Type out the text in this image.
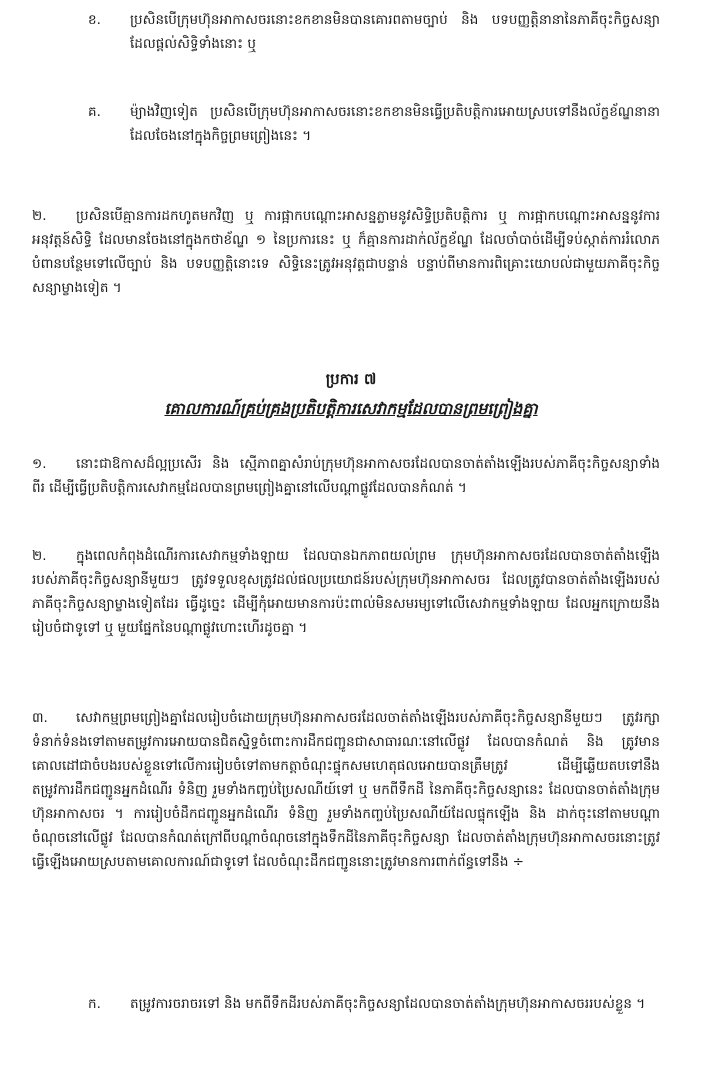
ខ. ប្រសិនបើក្រុមហ៊ុនអាកាសចរនោះខកខានមិនបានគោរពតាមច្បាប់ និង បទបញ្ញត្តិនានានៃភាគីចុះកិច្ចសន្យាដែលផ្តល់សិទ្ធិទាំងនោះ ឬ
គ. ម៉្យាងវិញទៀត ប្រសិនបើក្រុមហ៊ុនអាកាសចរនោះខកខានមិនធ្វើប្រតិបត្តិការអោយស្របទៅនឹងល័ក្ខខ័ណ្ឌនានាដែលចែងនៅក្នុងកិច្ចព្រមព្រៀងនេះ ។
២.	ប្រសិនបើគ្មានការដកហូតមកវិញ ឬ ការផ្អាកបណ្តោះអាសន្នភ្លាមនូវសិទ្ធិប្រតិបត្តិការ ឬ ការផ្អាកបណ្តោះអាសន្ននូវការអនុវត្តន៍សិទ្ធិ ដែលមានចែងនៅក្នុងកថាខ័ណ្ឌ ១ នៃប្រការនេះ ឬ ក៏គ្មានការដាក់ល័ក្ខខ័ណ្ឌ ដែលចាំបាច់ដើម្បីទប់ស្កាត់ការរំលោភបំពានបន្ថែមទៅលើច្បាប់ និង បទបញ្ញត្តិនោះទេ សិទ្ធិនេះត្រូវអនុវត្តជាបន្ទាន់ បន្ទាប់ពីមានការពិគ្រោះយោបល់ជាមួយភាគីចុះកិច្ចសន្យាម្ខាងទៀត ។
ប្រការ ៧
គោលការណ៍គ្រប់គ្រងប្រតិបត្តិការសេវាកម្មដែលបានព្រមព្រៀងគ្នា
១.	នោះជាឱកាសដ៏ល្អប្រសើរ និង ស្មើភាពគ្នាសំរាប់ក្រុមហ៊ុនអាកាសចរដែលបានចាត់តាំងឡើងរបស់ភាគីចុះកិច្ចសន្យាទាំងពីរ ដើម្បីធ្វើប្រតិបត្តិការសេវាកម្មដែលបានព្រមព្រៀងគ្នានៅលើបណ្តាផ្លូវដែលបានកំណត់ ។
២.	ក្នុងពេលកំពុងដំណើរការសេវាកម្មទាំងឡាយ ដែលបានឯកភាពយល់ព្រម ក្រុមហ៊ុនអាកាសចរដែលបានចាត់តាំងឡើងរបស់ភាគីចុះកិច្ចសន្យានីមួយៗ ត្រូវទទួលខុសត្រូវដល់ផលប្រយោជន៍របស់ក្រុមហ៊ុនអាកាសចរ ដែលត្រូវបានចាត់តាំងឡើងរបស់ភាគីចុះកិច្ចសន្យាម្ខាងទៀតដែរ ធ្វើដូច្នេះ ដើម្បីកុំអោយមានការប៉ះពាល់មិនសមរម្យទៅលើសេវាកម្មទាំងឡាយ ដែលអ្នកក្រោយនឹងរៀបចំជាទូទៅ ឬ មួយផ្នែកនៃបណ្តាផ្លូវហោះហើរដូចគ្នា ។
៣.	សេវាកម្មព្រមព្រៀងគ្នាដែលរៀបចំដោយក្រុមហ៊ុនអាកាសចរដែលចាត់តាំងឡើងរបស់ភាគីចុះកិច្ចសន្យានីមួយៗ ត្រូវរក្សាទំនាក់ទំនងទៅតាមតម្រូវការអោយបានជិតស្និទ្ធចំពោះការដឹកជញ្ជូនជាសាធារណៈនៅលើផ្លូវ ដែលបានកំណត់ និង ត្រូវមានគោលដៅជាចំបងរបស់ខ្លួនទៅលើការរៀបចំទៅតាមកត្តាចំណុះផ្ទុកសមហេតុផលអោយបានត្រឹមត្រូវ ដើម្បីឆ្លើយតបទៅនឹងតម្រូវការដឹកជញ្ជូនអ្នកដំណើរ ទំនិញ រួមទាំងកញ្ចប់ប្រៃសណីយ៍ទៅ ឬ មកពីទឹកដី នៃភាគីចុះកិច្ចសន្យានេះ ដែលបានចាត់តាំងក្រុមហ៊ុនអាកាសចរ ។ ការរៀបចំដឹកជញ្ជូនអ្នកដំណើរ ទំនិញ រួមទាំងកញ្ចប់ប្រៃសណីយ៍ដែលផ្ទុកឡើង និង ដាក់ចុះនៅតាមបណ្តាចំណុចនៅលើផ្លូវ ដែលបានកំណត់ក្រៅពីបណ្តាចំណុចនៅក្នុងទឹកដីនៃភាគីចុះកិច្ចសន្យា ដែលចាត់តាំងក្រុមហ៊ុនអាកាសចរនោះត្រូវធ្វើឡើងអោយស្របតាមគោលការណ៍ជាទូទៅ ដែលចំណុះដឹកជញ្ជូននោះត្រូវមានការពាក់ព័ន្ធទៅនឹង ÷
ក. តម្រូវការចរាចរទៅ និង មកពីទឹកដីរបស់ភាគីចុះកិច្ចសន្យាដែលបានចាត់តាំងក្រុមហ៊ុនអាកាសចររបស់ខ្លួន ។
